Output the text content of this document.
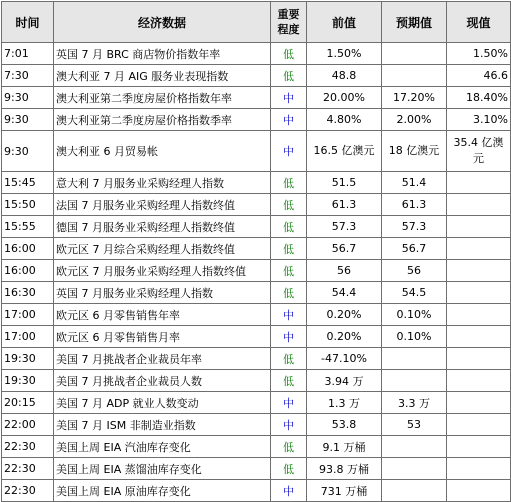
时间	经济数据	重要程度	前值	预期值	现值
7:01	英国 7 月 BRC 商店物价指数年率	低	1.50%		1.50%
7:30	澳大利亚 7 月 AIG 服务业表现指数	低	48.8		46.6
9:30	澳大利亚第二季度房屋价格指数年率	中	20.00%	17.20%	18.40%
9:30	澳大利亚第二季度房屋价格指数季率	中	4.80%	2.00%	3.10%
9:30	澳大利亚 6 月贸易帐	中	16.5 亿澳元	18 亿澳元	35.4 亿澳元
15:45	意大利 7 月服务业采购经理人指数	低	51.5	51.4	
15:50	法国 7 月服务业采购经理人指数终值	低	61.3	61.3	
15:55	德国 7 月服务业采购经理人指数终值	低	57.3	57.3	
16:00	欧元区 7 月综合采购经理人指数终值	低	56.7	56.7	
16:00	欧元区 7 月服务业采购经理人指数终值	低	56	56	
16:30	英国 7 月服务业采购经理人指数	低	54.4	54.5	
17:00	欧元区 6 月零售销售年率	中	0.20%	0.10%	
17:00	欧元区 6 月零售销售月率	中	0.20%	0.10%	
19:30	美国 7 月挑战者企业裁员年率	低	-47.10%		
19:30	美国 7 月挑战者企业裁员人数	低	3.94 万		
20:15	美国 7 月 ADP 就业人数变动	中	1.3 万	3.3 万	
22:00	美国 7 月 ISM 非制造业指数	中	53.8	53	
22:30	美国上周 EIA 汽油库存变化	低	9.1 万桶		
22:30	美国上周 EIA 蒸馏油库存变化	低	93.8 万桶		
22:30	美国上周 EIA 原油库存变化	中	731 万桶		
